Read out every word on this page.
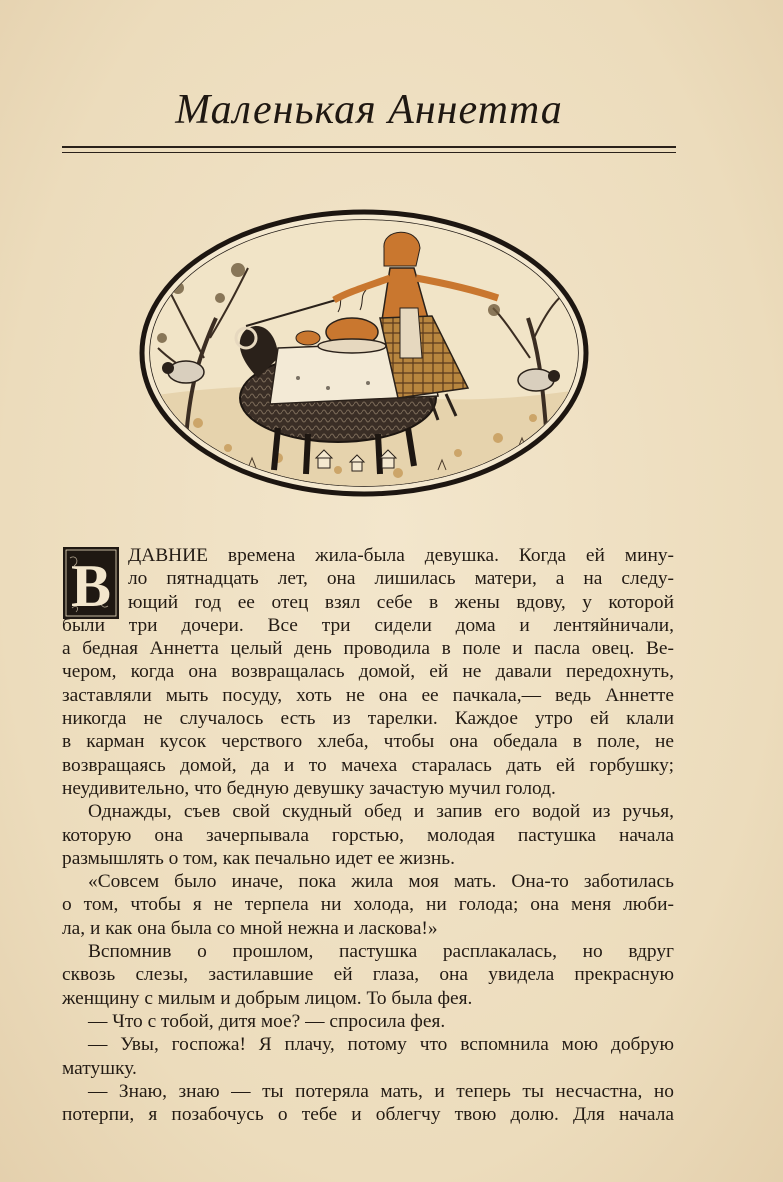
Маленькая Аннетта
В ДАВНИЕ времена жила-была девушка. Когда ей мину-
ло пятнадцать лет, она лишилась матери, а на следу-
ющий год ее отец взял себе в жены вдову, у которой
были три дочери. Все три сидели дома и лентяйничали,
а бедная Аннетта целый день проводила в поле и пасла овец. Ве-
чером, когда она возвращалась домой, ей не давали передохнуть,
заставляли мыть посуду, хоть не она ее пачкала,— ведь Аннетте
никогда не случалось есть из тарелки. Каждое утро ей клали
в карман кусок черствого хлеба, чтобы она обедала в поле, не
возвращаясь домой, да и то мачеха старалась дать ей горбушку;
неудивительно, что бедную девушку зачастую мучил голод.
Однажды, съев свой скудный обед и запив его водой из ручья,
которую она зачерпывала горстью, молодая пастушка начала
размышлять о том, как печально идет ее жизнь.
«Совсем было иначе, пока жила моя мать. Она-то заботилась
о том, чтобы я не терпела ни холода, ни голода; она меня люби-
ла, и как она была со мной нежна и ласкова!»
Вспомнив о прошлом, пастушка расплакалась, но вдруг
сквозь слезы, застилавшие ей глаза, она увидела прекрасную
женщину с милым и добрым лицом. То была фея.
— Что с тобой, дитя мое? — спросила фея.
— Увы, госпожа! Я плачу, потому что вспомнила мою добрую
матушку.
— Знаю, знаю — ты потеряла мать, и теперь ты несчастна, но
потерпи, я позабочусь о тебе и облегчу твою долю. Для начала
